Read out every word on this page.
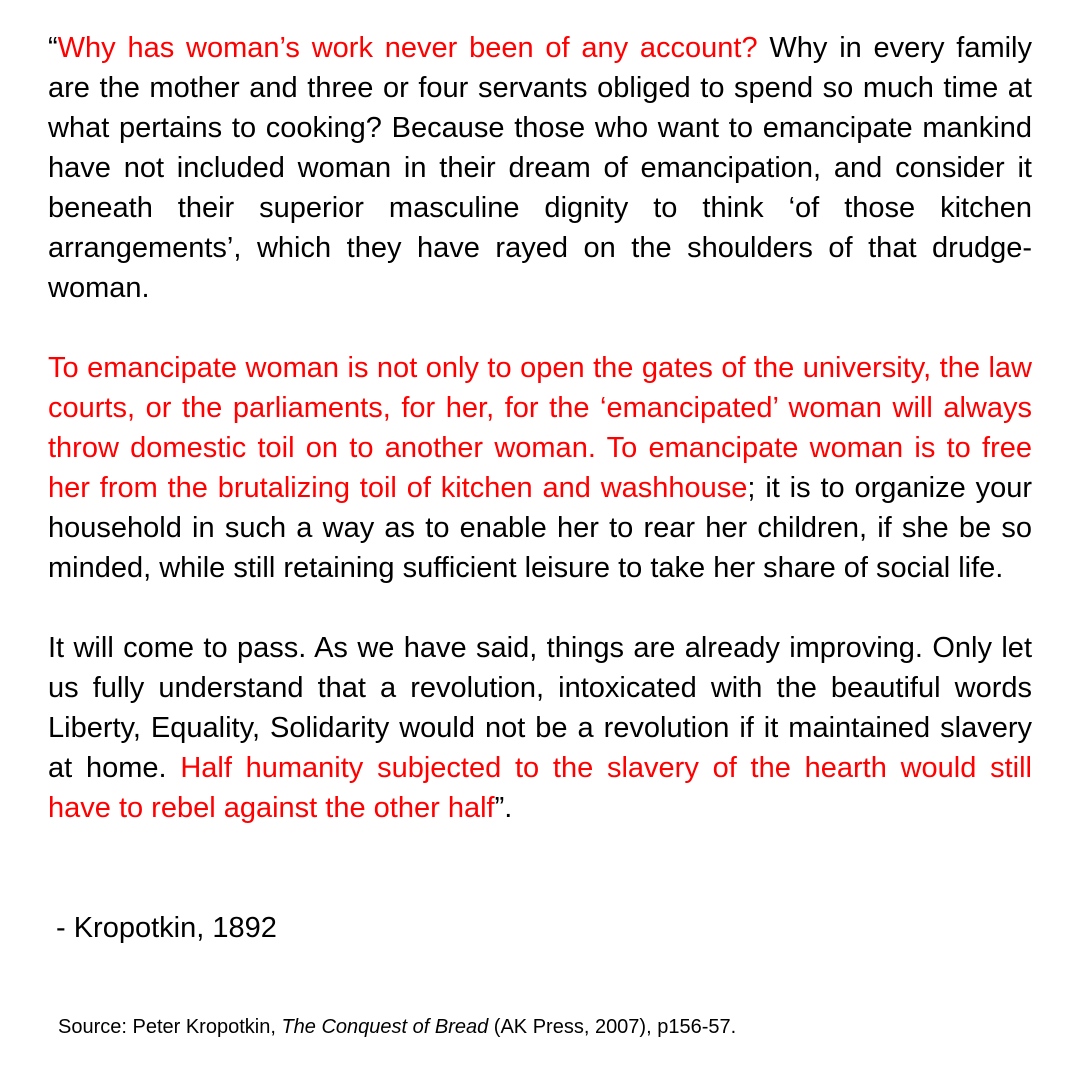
“Why has woman’s work never been of any account? Why in every family are the mother and three or four servants obliged to spend so much time at what pertains to cooking? Because those who want to emancipate mankind have not included woman in their dream of emancipation, and consider it beneath their superior masculine dignity to think ‘of those kitchen arrangements’, which they have rayed on the shoulders of that drudge-woman.

To emancipate woman is not only to open the gates of the university, the law courts, or the parliaments, for her, for the ‘emancipated’ woman will always throw domestic toil on to another woman. To emancipate woman is to free her from the brutalizing toil of kitchen and washhouse; it is to organize your household in such a way as to enable her to rear her children, if she be so minded, while still retaining sufficient leisure to take her share of social life.

It will come to pass. As we have said, things are already improving. Only let us fully understand that a revolution, intoxicated with the beautiful words Liberty, Equality, Solidarity would not be a revolution if it maintained slavery at home. Half humanity subjected to the slavery of the hearth would still have to rebel against the other half”.

- Kropotkin, 1892

Source: Peter Kropotkin, The Conquest of Bread (AK Press, 2007), p156-57.
